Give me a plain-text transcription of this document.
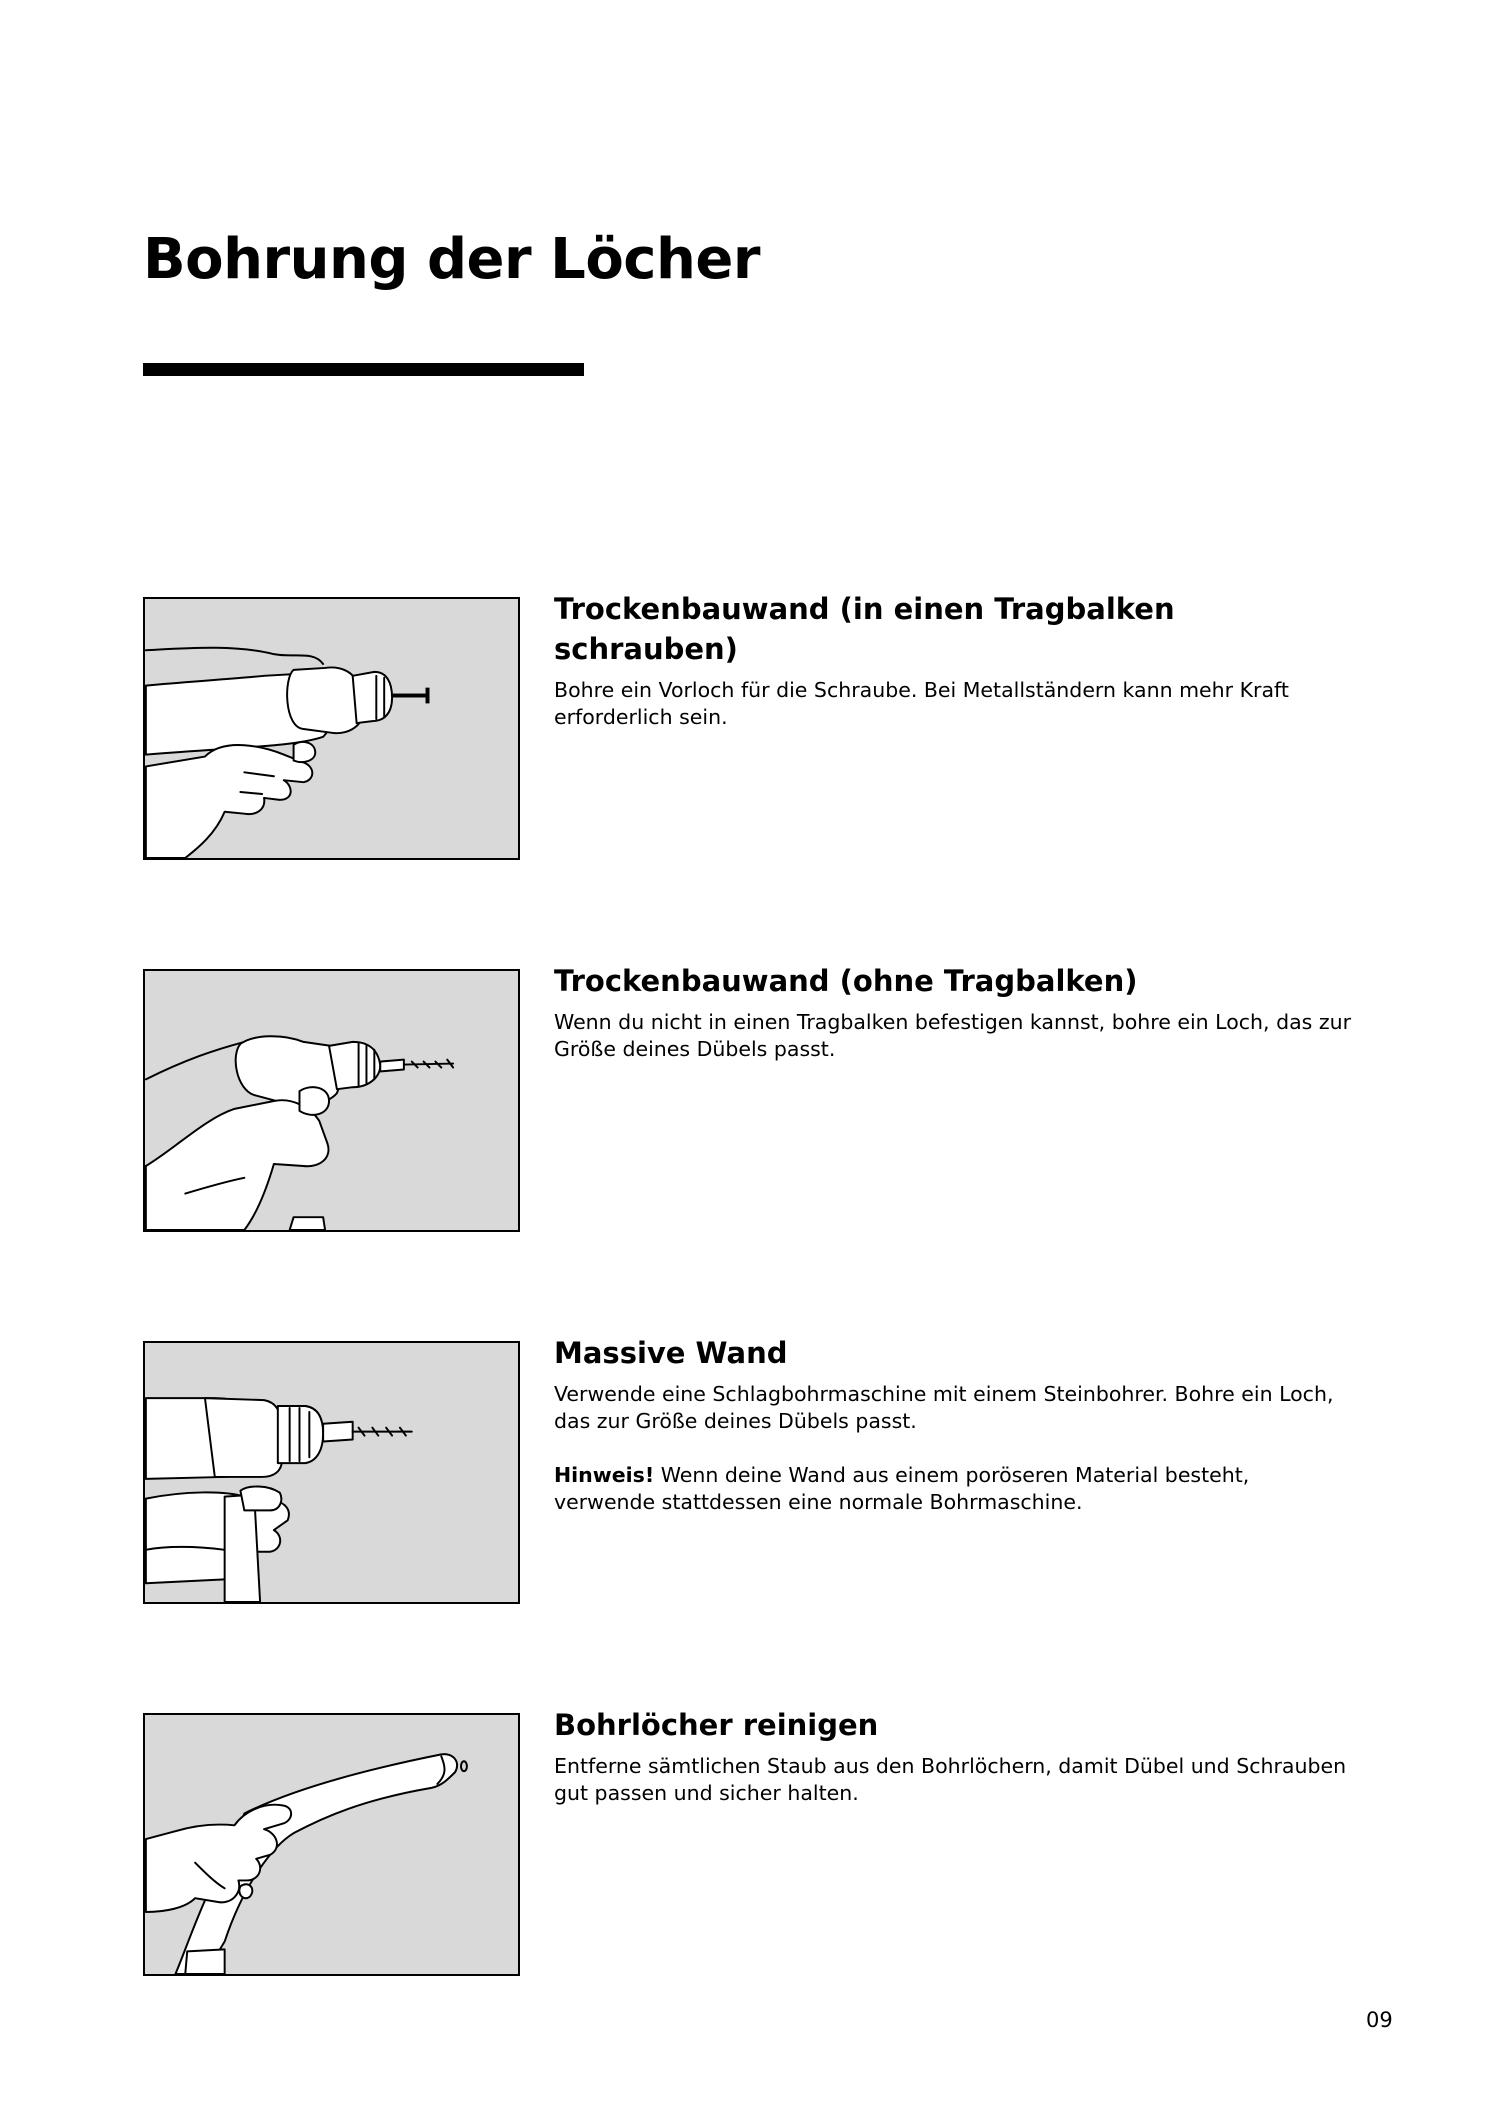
Bohrung der Löcher
Trockenbauwand (in einen Tragbalken schrauben)

Bohre ein Vorloch für die Schraube. Bei Metallständern kann mehr Kraft erforderlich sein.

Trockenbauwand (ohne Tragbalken)

Wenn du nicht in einen Tragbalken befestigen kannst, bohre ein Loch, das zur Größe deines Dübels passt.

Massive Wand

Verwende eine Schlagbohrmaschine mit einem Steinbohrer. Bohre ein Loch, das zur Größe deines Dübels passt.

Hinweis! Wenn deine Wand aus einem poröseren Material besteht, verwende stattdessen eine normale Bohrmaschine.

Bohrlöcher reinigen

Entferne sämtlichen Staub aus den Bohrlöchern, damit Dübel und Schrauben gut passen und sicher halten.

09
